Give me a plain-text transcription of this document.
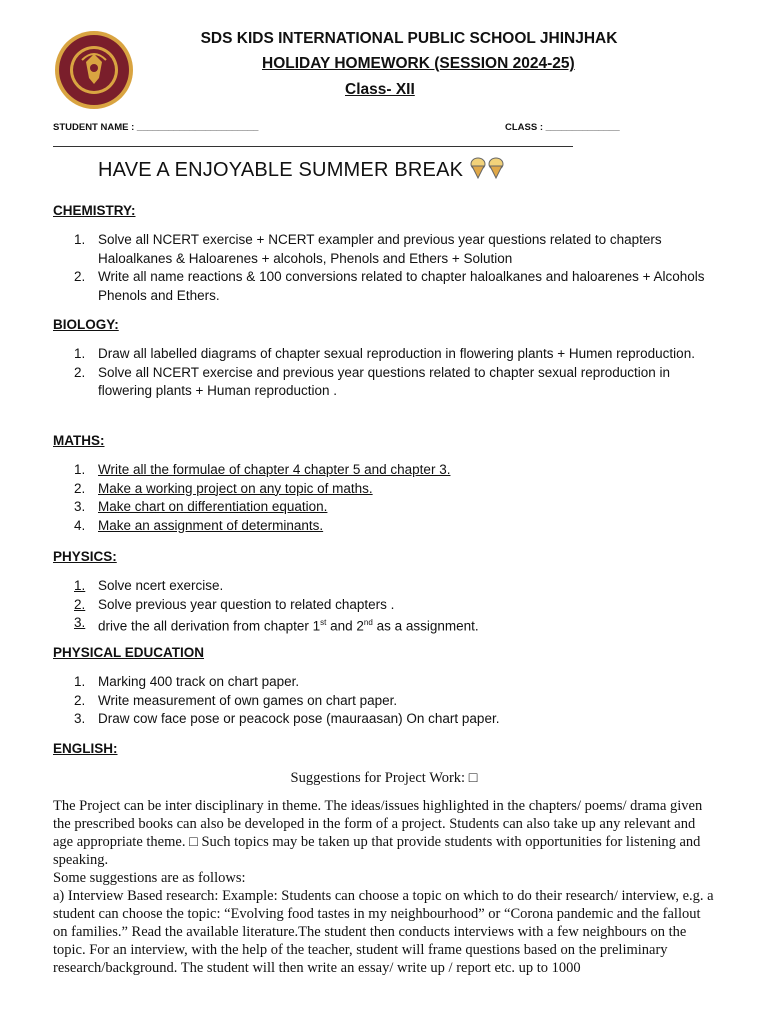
SDS KIDS INTERNATIONAL PUBLIC SCHOOL JHINJHAK
HOLIDAY HOMEWORK (SESSION 2024-25)
Class- XII
STUDENT NAME : _______________________	CLASS : ______________
HAVE A ENJOYABLE SUMMER BREAK
CHEMISTRY:
1. Solve all NCERT exercise + NCERT exampler and previous year questions related to chapters Haloalkanes & Haloarenes + alcohols, Phenols and Ethers + Solution
2. Write all name reactions & 100 conversions related to chapter haloalkanes and haloarenes + Alcohols Phenols and Ethers.
BIOLOGY:
1. Draw all labelled diagrams of chapter sexual reproduction in flowering plants + Humen reproduction.
2. Solve all NCERT exercise and previous year questions related to chapter sexual reproduction in flowering plants + Human reproduction .
MATHS:
1. Write all the formulae of chapter 4 chapter 5 and chapter 3.
2. Make a working project on any topic of maths.
3. Make chart on differentiation equation.
4. Make an assignment of determinants.
PHYSICS:
1. Solve ncert exercise.
2. Solve previous year question to related chapters .
3. drive the all derivation from chapter 1st and 2nd as a assignment.
PHYSICAL EDUCATION
1. Marking 400 track on chart paper.
2. Write measurement of own games on chart paper.
3. Draw cow face pose or peacock pose (mauraasan) On chart paper.
ENGLISH:
Suggestions for Project Work: □
The Project can be inter disciplinary in theme. The ideas/issues highlighted in the chapters/ poems/ drama given the prescribed books can also be developed in the form of a project. Students can also take up any relevant and age appropriate theme. □ Such topics may be taken up that provide students with opportunities for listening and speaking.
Some suggestions are as follows:
a) Interview Based research: Example: Students can choose a topic on which to do their research/ interview, e.g. a student can choose the topic: “Evolving food tastes in my neighbourhood” or “Corona pandemic and the fallout on families.” Read the available literature.The student then conducts interviews with a few neighbours on the topic. For an interview, with the help of the teacher, student will frame questions based on the preliminary research/background. The student will then write an essay/ write up / report etc. up to 1000
